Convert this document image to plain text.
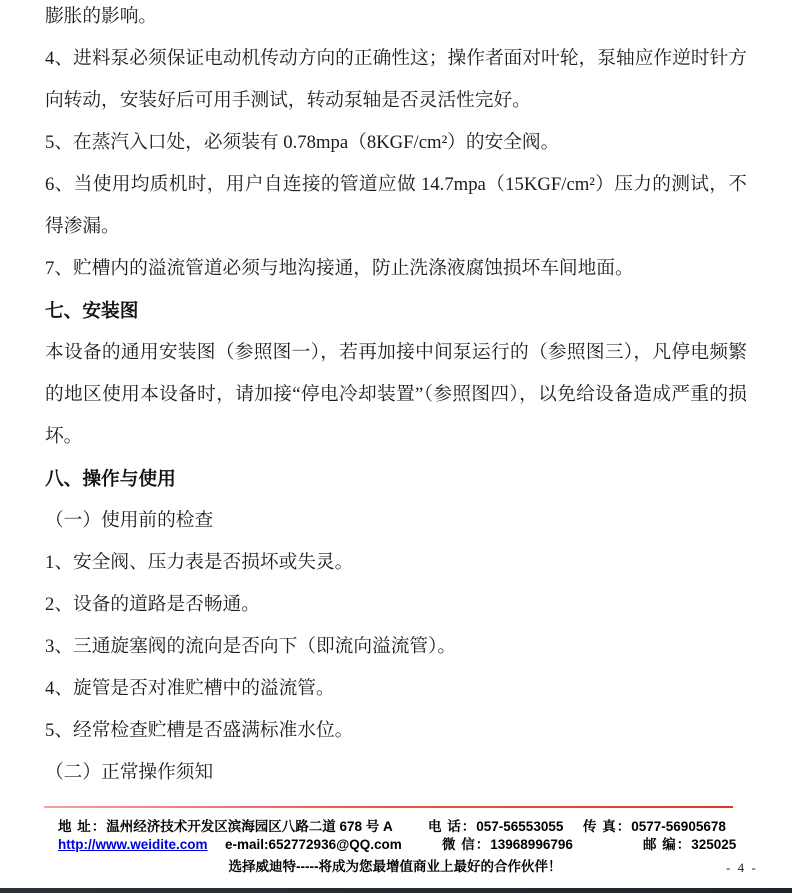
膨胀的影响。

4、进料泵必须保证电动机传动方向的正确性这；操作者面对叶轮，泵轴应作逆时针方向转动，安装好后可用手测试，转动泵轴是否灵活性完好。

5、在蒸汽入口处，必须装有 0.78mpa（8KGF/cm²）的安全阀。

6、当使用均质机时，用户自连接的管道应做 14.7mpa（15KGF/cm²）压力的测试，不得渗漏。

7、贮槽内的溢流管道必须与地沟接通，防止洗涤液腐蚀损坏车间地面。

七、安装图

本设备的通用安装图（参照图一），若再加接中间泵运行的（参照图三），凡停电频繁的地区使用本设备时，请加接“停电冷却装置”（参照图四），以免给设备造成严重的损坏。

八、操作与使用

（一）使用前的检查

1、安全阀、压力表是否损坏或失灵。

2、设备的道路是否畅通。

3、三通旋塞阀的流向是否向下（即流向溢流管）。

4、旋管是否对准贮槽中的溢流管。

5、经常检查贮槽是否盛满标准水位。

（二）正常操作须知

地 址：温州经济技术开发区滨海园区八路二道 678 号 A	电 话：057-56553055 传 真：0577-56905678
http://www.weidite.com e-mail:652772936@QQ.com	微 信：13968996796	邮 编：325025
选择威迪特-----将成为您最增值商业上最好的合作伙伴！	- 4 -
